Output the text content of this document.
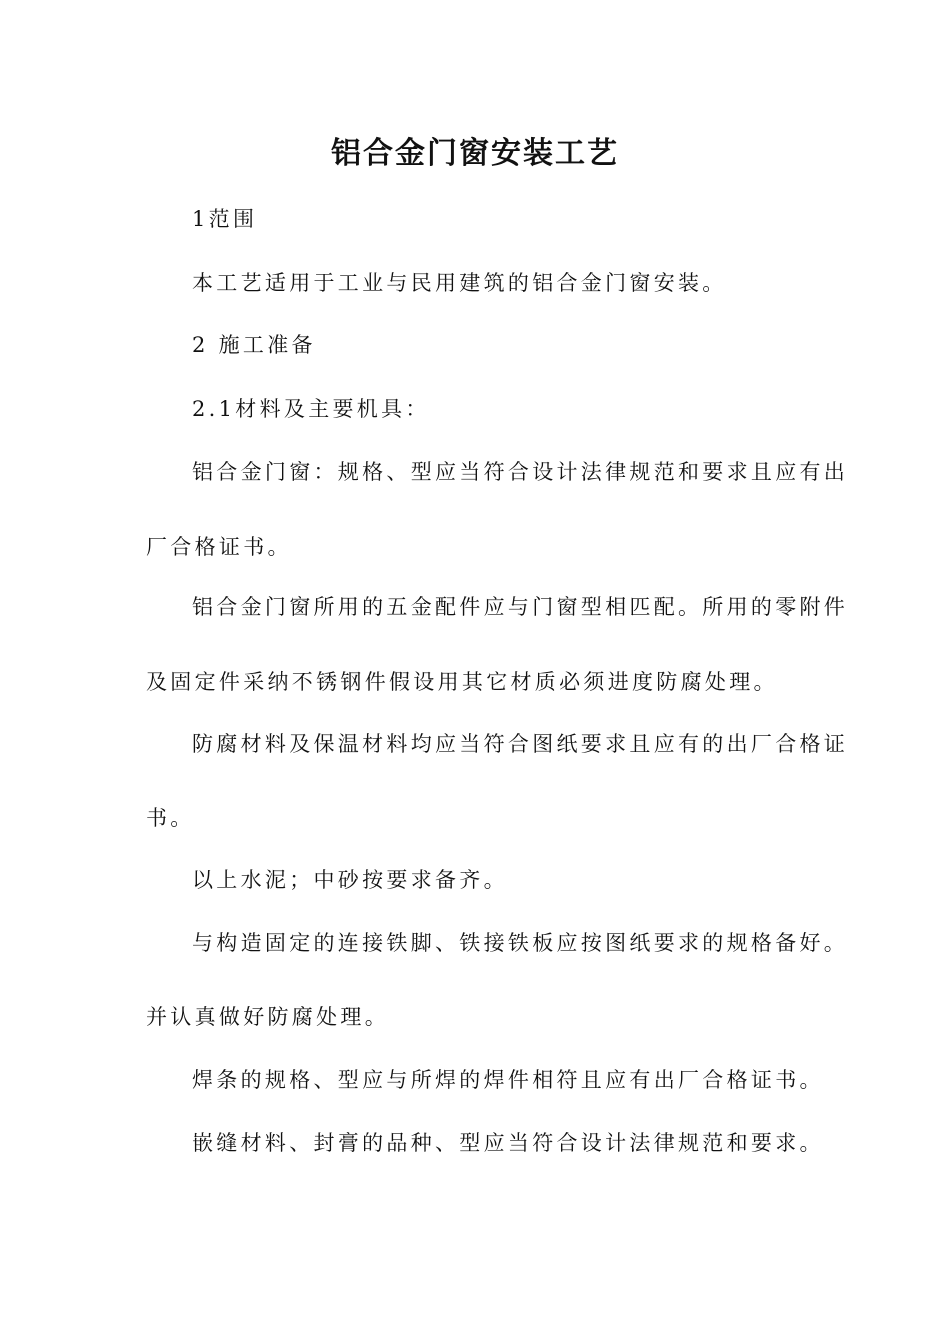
铝合金门窗安装工艺
1范围
本工艺适用于工业与民用建筑的铝合金门窗安装。
2 施工准备
2.1材料及主要机具：
铝合金门窗：规格、型应当符合设计法律规范和要求且应有出
厂合格证书。
铝合金门窗所用的五金配件应与门窗型相匹配。所用的零附件
及固定件采纳不锈钢件假设用其它材质必须进度防腐处理。
防腐材料及保温材料均应当符合图纸要求且应有的出厂合格证
书。
以上水泥；中砂按要求备齐。
与构造固定的连接铁脚、铁接铁板应按图纸要求的规格备好。
并认真做好防腐处理。
焊条的规格、型应与所焊的焊件相符且应有出厂合格证书。
嵌缝材料、封膏的品种、型应当符合设计法律规范和要求。
